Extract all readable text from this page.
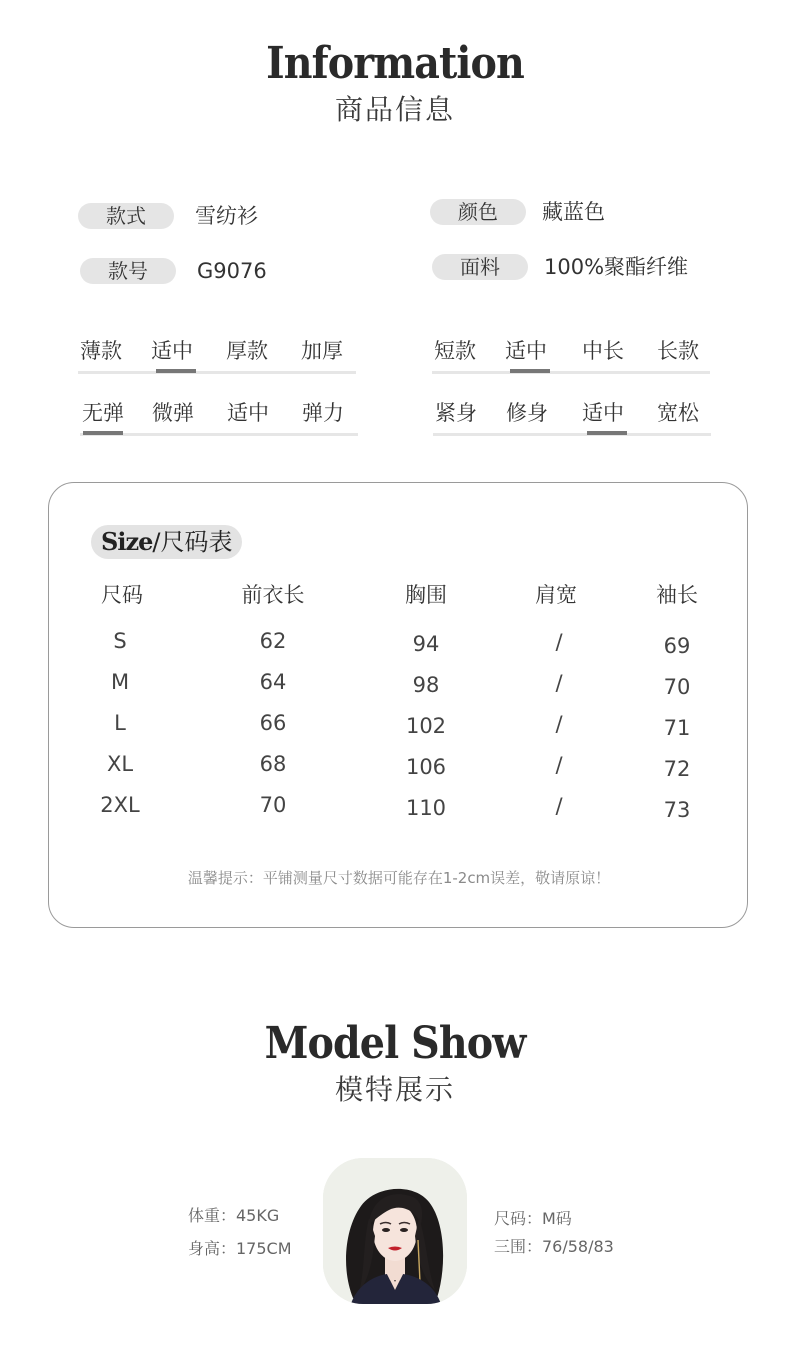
Information
商品信息
款式	雪纺衫
款号	G9076
颜色	藏蓝色
面料	100%聚酯纤维
薄款 适中 厚款 加厚	短款 适中 中长 长款
无弹 微弹 适中 弹力	紧身 修身 适中 宽松
Size/尺码表
尺码	前衣长	胸围	肩宽	袖长
S	62	94	/	69
M	64	98	/	70
L	66	102	/	71
XL	68	106	/	72
2XL	70	110	/	73
温馨提示：平铺测量尺寸数据可能存在1-2cm误差，敬请原谅！
Model Show
模特展示
体重：45KG
身高：175CM
尺码：M码
三围：76/58/83
